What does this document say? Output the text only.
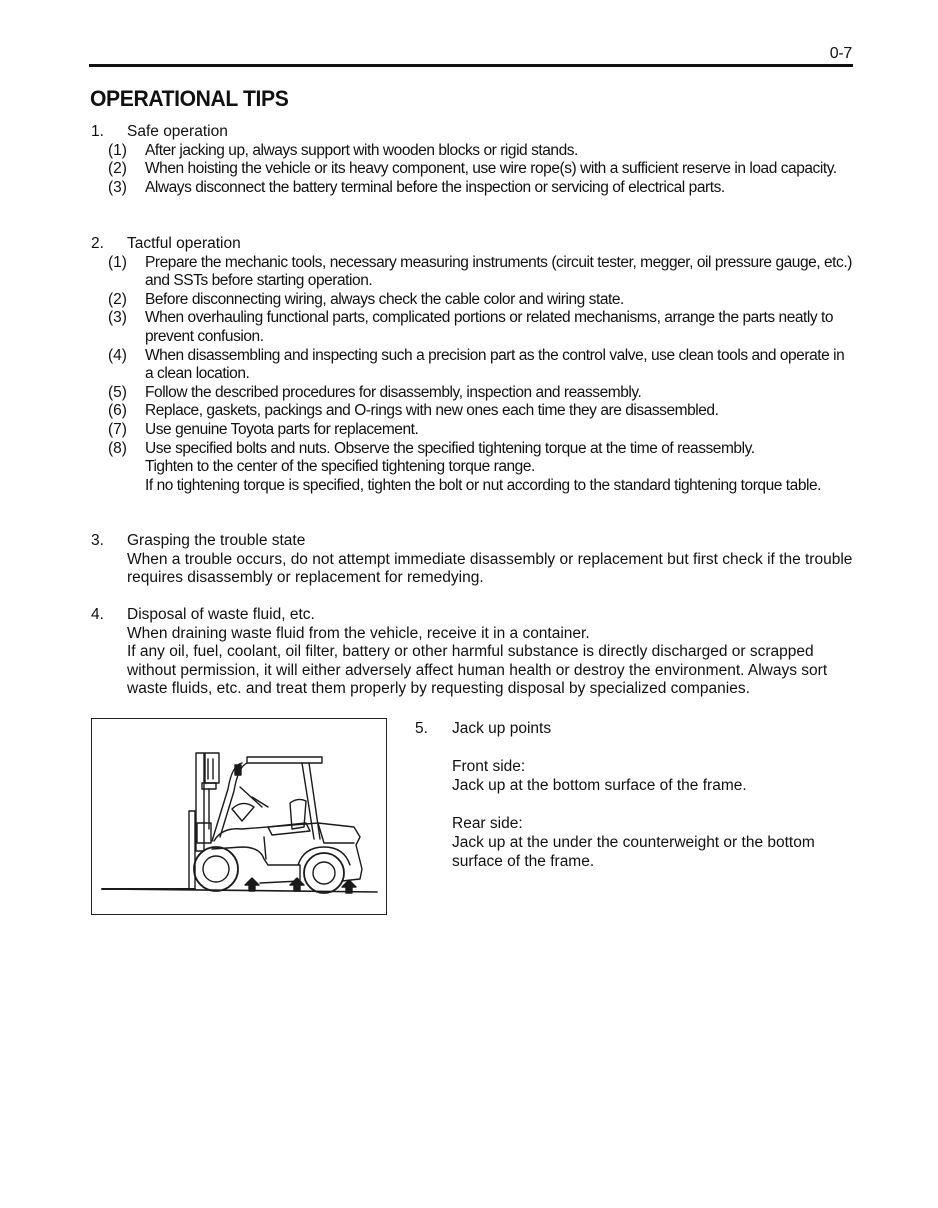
0-7
OPERATIONAL TIPS
1. Safe operation
(1) After jacking up, always support with wooden blocks or rigid stands.
(2) When hoisting the vehicle or its heavy component, use wire rope(s) with a sufficient reserve in load capacity.
(3) Always disconnect the battery terminal before the inspection or servicing of electrical parts.
2. Tactful operation
(1) Prepare the mechanic tools, necessary measuring instruments (circuit tester, megger, oil pressure gauge, etc.) and SSTs before starting operation.
(2) Before disconnecting wiring, always check the cable color and wiring state.
(3) When overhauling functional parts, complicated portions or related mechanisms, arrange the parts neatly to prevent confusion.
(4) When disassembling and inspecting such a precision part as the control valve, use clean tools and operate in a clean location.
(5) Follow the described procedures for disassembly, inspection and reassembly.
(6) Replace, gaskets, packings and O-rings with new ones each time they are disassembled.
(7) Use genuine Toyota parts for replacement.
(8) Use specified bolts and nuts. Observe the specified tightening torque at the time of reassembly.
Tighten to the center of the specified tightening torque range.
If no tightening torque is specified, tighten the bolt or nut according to the standard tightening torque table.
3. Grasping the trouble state
When a trouble occurs, do not attempt immediate disassembly or replacement but first check if the trouble requires disassembly or replacement for remedying.
4. Disposal of waste fluid, etc.
When draining waste fluid from the vehicle, receive it in a container.
If any oil, fuel, coolant, oil filter, battery or other harmful substance is directly discharged or scrapped without permission, it will either adversely affect human health or destroy the environment. Always sort waste fluids, etc. and treat them properly by requesting disposal by specialized companies.
5. Jack up points
Front side:
Jack up at the bottom surface of the frame.
Rear side:
Jack up at the under the counterweight or the bottom surface of the frame.
